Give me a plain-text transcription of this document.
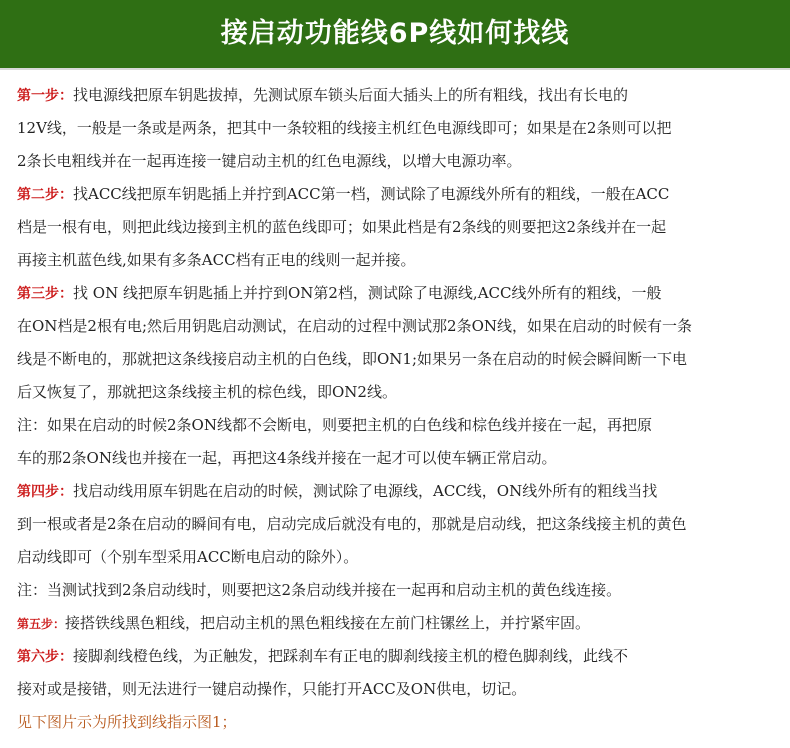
接启动功能线6P线如何找线
第一步：找电源线把原车钥匙拔掉，先测试原车锁头后面大插头上的所有粗线，找出有长电的
12V线，一般是一条或是两条，把其中一条较粗的线接主机红色电源线即可；如果是在2条则可以把
2条长电粗线并在一起再连接一键启动主机的红色电源线，以增大电源功率。
第二步：找ACC线把原车钥匙插上并拧到ACC第一档，测试除了电源线外所有的粗线，一般在ACC
档是一根有电，则把此线边接到主机的蓝色线即可；如果此档是有2条线的则要把这2条线并在一起
再接主机蓝色线,如果有多条ACC档有正电的线则一起并接。
第三步：找 ON 线把原车钥匙插上并拧到ON第2档，测试除了电源线,ACC线外所有的粗线，一般
在ON档是2根有电;然后用钥匙启动测试，在启动的过程中测试那2条ON线，如果在启动的时候有一条
线是不断电的，那就把这条线接启动主机的白色线，即ON1;如果另一条在启动的时候会瞬间断一下电
后又恢复了，那就把这条线接主机的棕色线，即ON2线。
注：如果在启动的时候2条ON线都不会断电，则要把主机的白色线和棕色线并接在一起，再把原
车的那2条ON线也并接在一起，再把这4条线并接在一起才可以使车辆正常启动。
第四步：找启动线用原车钥匙在启动的时候，测试除了电源线，ACC线，ON线外所有的粗线当找
到一根或者是2条在启动的瞬间有电，启动完成后就没有电的，那就是启动线，把这条线接主机的黄色
启动线即可（个别车型采用ACC断电启动的除外）。
注：当测试找到2条启动线时，则要把这2条启动线并接在一起再和启动主机的黄色线连接。
第五步：接搭铁线黑色粗线，把启动主机的黑色粗线接在左前门柱镙丝上，并拧紧牢固。
第六步：接脚刹线橙色线，为正触发，把踩刹车有正电的脚刹线接主机的橙色脚刹线，此线不
接对或是接错，则无法进行一键启动操作，只能打开ACC及ON供电，切记。
见下图片示为所找到线指示图1；
